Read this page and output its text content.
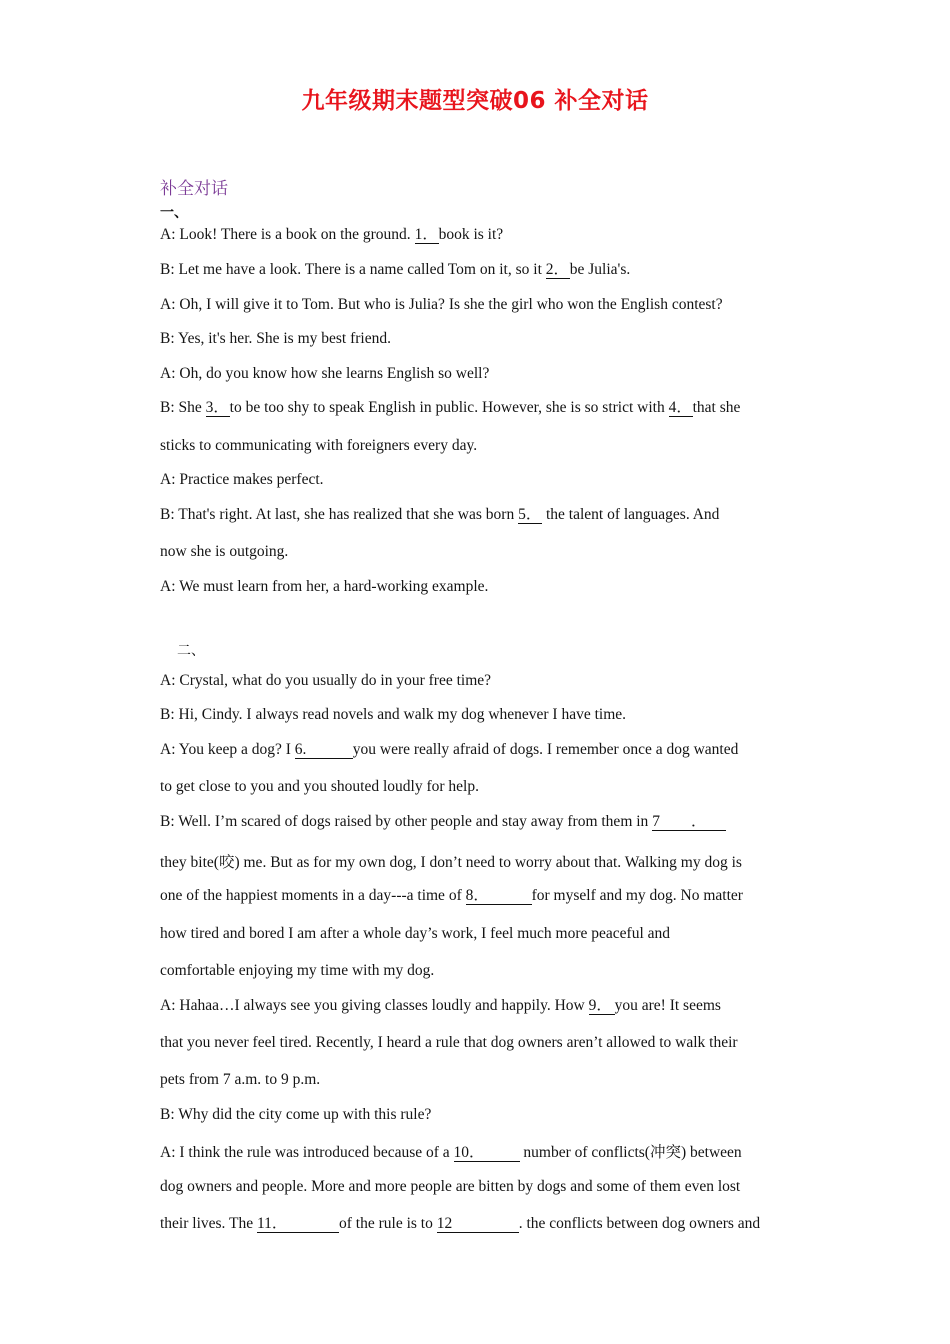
九年级期末题型突破06 补全对话
补全对话
一、
A: Look! There is a book on the ground. 1．book is it?
B: Let me have a look. There is a name called Tom on it, so it 2．be Julia's.
A: Oh, I will give it to Tom. But who is Julia? Is she the girl who won the English contest?
B: Yes, it's her. She is my best friend.
A: Oh, do you know how she learns English so well?
B: She 3．to be too shy to speak English in public. However, she is so strict with 4．that she
sticks to communicating with foreigners every day.
A: Practice makes perfect.
B: That's right. At last, she has realized that she was born 5． the talent of languages. And
now she is outgoing.
A: We must learn from her, a hard-working example.
二、
A: Crystal, what do you usually do in your free time?
B: Hi, Cindy. I always read novels and walk my dog whenever I have time.
A: You keep a dog? I 6.     you were really afraid of dogs. I remember once a dog wanted
to get close to you and you shouted loudly for help.
B: Well. I’m scared of dogs raised by other people and stay away from them in 7        ．
they bite(咬) me. But as for my own dog, I don’t need to worry about that. Walking my dog is
one of the happiest moments in a day---a time of 8．    for myself and my dog. No matter
how tired and bored I am after a whole day’s work, I feel much more peaceful and
comfortable enjoying my time with my dog.
A: Hahaa…I always see you giving classes loudly and happily. How 9． you are! It seems
that you never feel tired. Recently, I heard a rule that dog owners aren’t allowed to walk their
pets from 7 a.m. to 9 p.m.
B: Why did the city come up with this rule?
A: I think the rule was introduced because of a 10．    number of conflicts(冲突) between
dog owners and people. More and more people are bitten by dogs and some of them even lost
their lives. The 11．     of the rule is to 12        . the conflicts between dog owners and
